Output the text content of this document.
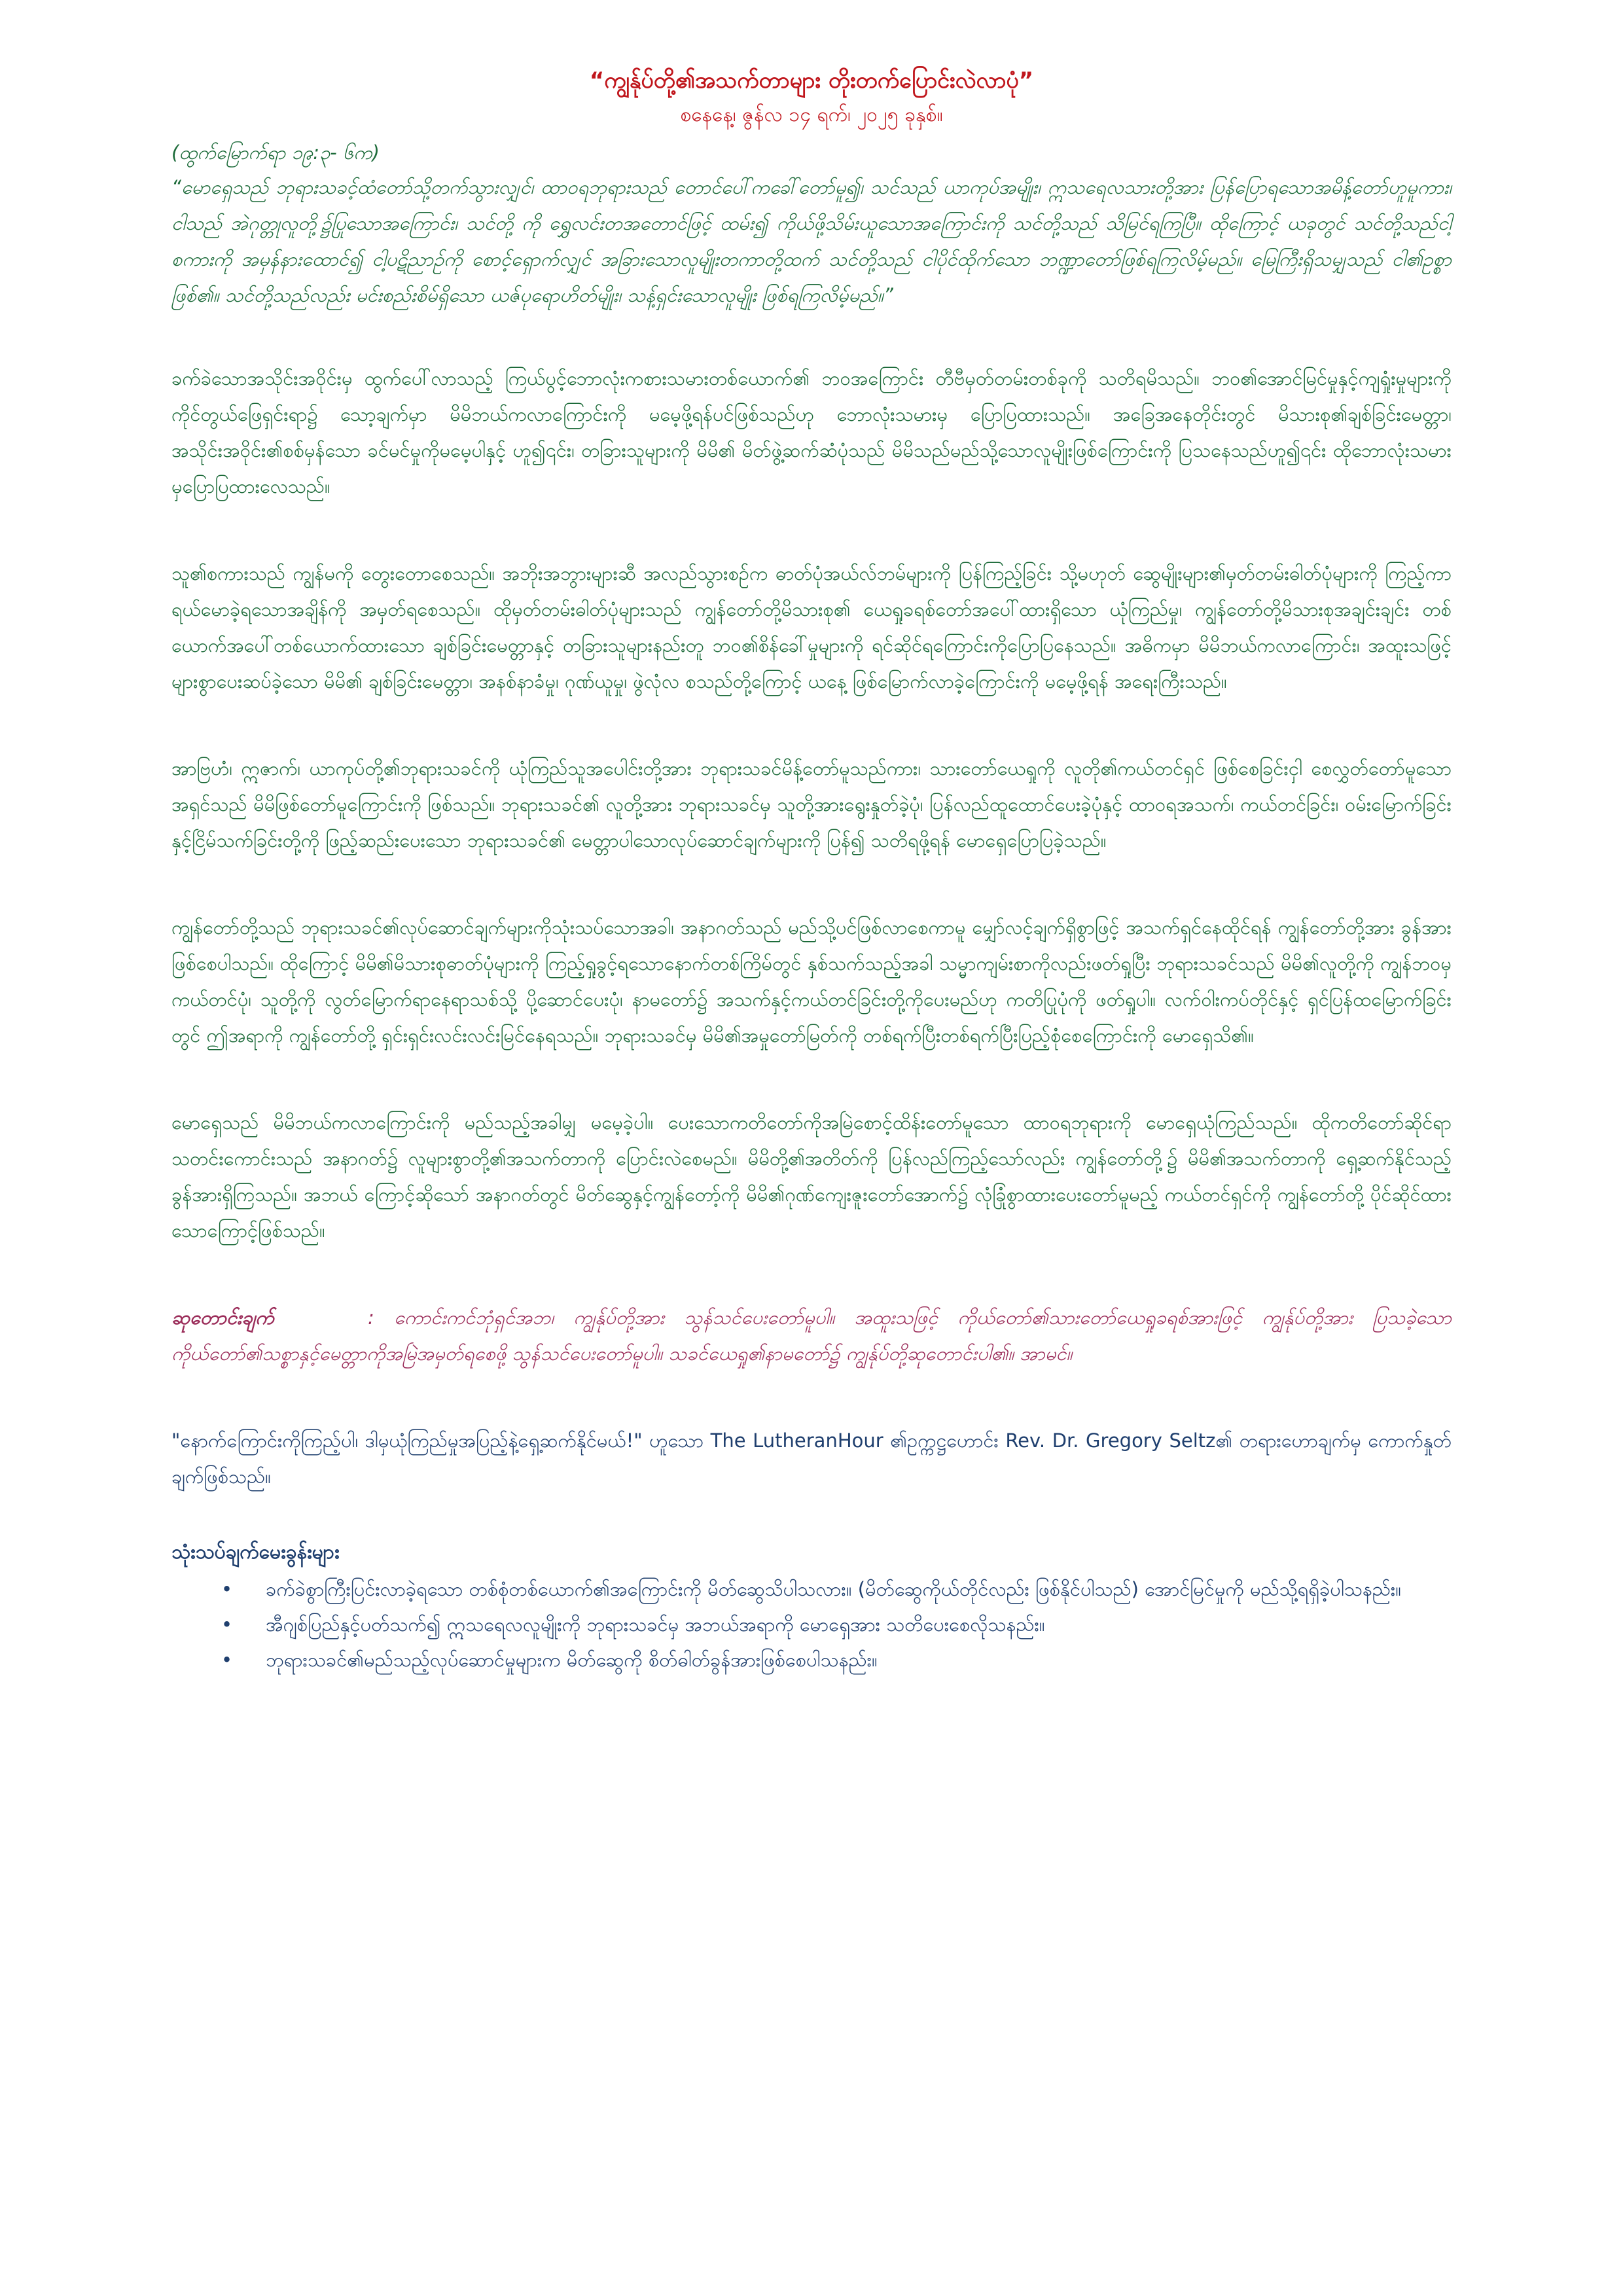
“ကျွန်ုပ်တို့၏အသက်တာများ တိုးတက်ပြောင်းလဲလာပုံ”

စနေနေ့၊ ဇွန်လ ၁၄ ရက်၊ ၂၀၂၅ ခုနှစ်။

(ထွက်မြောက်ရာ ၁၉:၃- ၆က)

“မောရှေသည် ဘုရားသခင့်ထံတော်သို့တက်သွားလျှင်၊ ထာဝရဘုရားသည် တောင်ပေါ်ကခေါ်တော်မူ၍၊ သင်သည် ယာကုပ်အမျိုး၊ ဣသရေလသားတို့အား ပြန်ပြောရသောအမိန့်တော်ဟူမူကား၊ ငါသည် အဲဂုတ္တုလူတို့၌ပြုသောအကြောင်း၊ သင်တို့ ကို ရွှေလင်းတအတောင်ဖြင့် ထမ်း၍ ကိုယ်ဖို့သိမ်းယူသောအကြောင်းကို သင်တို့သည် သိမြင်ရကြပြီ။ ထိုကြောင့် ယခုတွင် သင်တို့သည်ငါ့စကားကို အမှန်နားထောင်၍ ငါ့ပဋိညာဉ်ကို စောင့်ရှောက်လျှင် အခြားသောလူမျိုးတကာတို့ထက် သင်တို့သည် ငါပိုင်ထိုက်သော ဘဏ္ဍာတော်ဖြစ်ရကြလိမ့်မည်။ မြေကြီးရှိသမျှသည် ငါ၏ဥစ္စာဖြစ်၏။ သင်တို့သည်လည်း မင်းစည်းစိမ်ရှိသော ယဇ်ပုရောဟိတ်မျိုး၊ သန့်ရှင်းသောလူမျိုး ဖြစ်ရကြလိမ့်မည်။”

ခက်ခဲသောအသိုင်းအဝိုင်းမှ ထွက်ပေါ်လာသည့် ကြယ်ပွင့်ဘောလုံးကစားသမားတစ်ယောက်၏ ဘဝအကြောင်း တီဗီမှတ်တမ်းတစ်ခုကို သတိရမိသည်။ ဘဝ၏အောင်မြင်မှုနှင့်ကျရှုံးမှုများကို ကိုင်တွယ်ဖြေရှင်းရာ၌ သော့ချက်မှာ မိမိဘယ်ကလာကြောင်းကို မမေ့ဖို့ရန်ပင်ဖြစ်သည်ဟု ဘောလုံးသမားမှ ပြောပြထားသည်။ အခြေအနေတိုင်းတွင် မိသားစု၏ချစ်ခြင်းမေတ္တာ၊ အသိုင်းအဝိုင်း၏စစ်မှန်သော ခင်မင်မှုကိုမမေ့ပါနှင့် ဟူ၍၎င်း၊ တခြားသူများကို မိမိ၏ မိတ်ဖွဲ့ဆက်ဆံပုံသည် မိမိသည်မည်သို့သောလူမျိုးဖြစ်ကြောင်းကို ပြသနေသည်ဟူ၍၎င်း ထိုဘောလုံးသမားမှပြောပြထားလေသည်။

သူ၏စကားသည် ကျွန်မကို တွေးတောစေသည်။ အဘိုးအဘွားများဆီ အလည်သွားစဉ်က ဓာတ်ပုံအယ်လ်ဘမ်များကို ပြန်ကြည့်ခြင်း သို့မဟုတ် ဆွေမျိုးများ၏မှတ်တမ်းဓါတ်ပုံများကို ကြည့်ကာ ရယ်မောခဲ့ရသောအချိန်ကို အမှတ်ရစေသည်။ ထိုမှတ်တမ်းဓါတ်ပုံများသည် ကျွန်တော်တို့မိသားစု၏ ယေရှုခရစ်တော်အပေါ်ထားရှိသော ယုံကြည်မှု၊ ကျွန်တော်တို့မိသားစုအချင်းချင်း တစ်ယောက်အပေါ်တစ်ယောက်ထားသော ချစ်ခြင်းမေတ္တာနှင့် တခြားသူများနည်းတူ ဘဝ၏စိန်ခေါ်မှုများကို ရင်ဆိုင်ရကြောင်းကိုပြောပြနေသည်။ အဓိကမှာ မိမိဘယ်ကလာကြောင်း၊ အထူးသဖြင့် များစွာပေးဆပ်ခဲ့သော မိမိ၏ ချစ်ခြင်းမေတ္တာ၊ အနစ်နာခံမှု၊ ဂုဏ်ယူမှု၊ ဖွဲလုံလ စသည်တို့ကြောင့် ယနေ့ ဖြစ်မြောက်လာခဲ့ကြောင်းကို မမေ့ဖို့ရန် အရေးကြီးသည်။

အာဗြဟံ၊ ဣဇာက်၊ ယာကုပ်တို့၏ဘုရားသခင်ကို ယုံကြည်သူအပေါင်းတို့အား ဘုရားသခင်မိန့်တော်မူသည်ကား၊ သားတော်ယေရှုကို လူတို၏ကယ်တင်ရှင် ဖြစ်စေခြင်းငှါ စေလွှတ်တော်မူသောအရှင်သည် မိမိဖြစ်တော်မူကြောင်းကို ဖြစ်သည်။ ဘုရားသခင်၏ လူတို့အား ဘုရားသခင်မှ သူတို့အားရွေးနှုတ်ခဲ့ပုံ၊ ပြန်လည်ထူထောင်ပေးခဲ့ပုံနှင့် ထာဝရအသက်၊ ကယ်တင်ခြင်း၊ ဝမ်းမြောက်ခြင်းနှင့်ငြိမ်သက်ခြင်းတို့ကို ဖြည့်ဆည်းပေးသော ဘုရားသခင်၏ မေတ္တာပါသောလုပ်ဆောင်ချက်များကို ပြန်၍ သတိရဖို့ရန် မောရှေပြောပြခဲ့သည်။

ကျွန်တော်တို့သည် ဘုရားသခင်၏လုပ်ဆောင်ချက်များကိုသုံးသပ်သောအခါ၊ အနာဂတ်သည် မည်သို့ပင်ဖြစ်လာစေကာမူ မျှော်လင့်ချက်ရှိစွာဖြင့် အသက်ရှင်နေထိုင်ရန် ကျွန်တော်တို့အား ခွန်အားဖြစ်စေပါသည်။ ထိုကြောင့် မိမိ၏မိသားစုဓာတ်ပုံများကို ကြည့်ရှုခွင့်ရသောနောက်တစ်ကြိမ်တွင် နှစ်သက်သည့်အခါ သမ္မာကျမ်းစာကိုလည်းဖတ်ရှုပြီး ဘုရားသခင်သည် မိမိ၏လူတို့ကို ကျွန်ဘဝမှကယ်တင်ပုံ၊ သူတို့ကို လွတ်မြောက်ရာနေရာသစ်သို့ ပို့ဆောင်ပေးပုံ၊ နာမတော်၌ အသက်နှင့်ကယ်တင်ခြင်းတို့ကိုပေးမည်ဟု ကတိပြုပုံကို ဖတ်ရှုပါ။ လက်ဝါးကပ်တိုင်နှင့် ရှင်ပြန်ထမြောက်ခြင်းတွင် ဤအရာကို ကျွန်တော်တို့ ရှင်းရှင်းလင်းလင်းမြင်နေရသည်။ ဘုရားသခင်မှ မိမိ၏အမှုတော်မြတ်ကို တစ်ရက်ပြီးတစ်ရက်ပြီးပြည့်စုံစေကြောင်းကို မောရှေသိ၏။

မောရှေသည် မိမိဘယ်ကလာကြောင်းကို မည်သည့်အခါမျှ မမေ့ခဲ့ပါ။ ပေးသောကတိတော်ကိုအမြဲစောင့်ထိန်းတော်မူသော ထာဝရဘုရားကို မောရှေယုံကြည်သည်။ ထိုကတိတော်ဆိုင်ရာ သတင်းကောင်းသည် အနာဂတ်၌ လူများစွာတို့၏အသက်တာကို ပြောင်းလဲစေမည်။ မိမိတို့၏အတိတ်ကို ပြန်လည်ကြည့်သော်လည်း ကျွန်တော်တို့၌ မိမိ၏အသက်တာကို ရှေ့ဆက်နိုင်သည့်ခွန်အားရှိကြသည်။ အဘယ် ကြောင့်ဆိုသော် အနာဂတ်တွင် မိတ်ဆွေနှင့်ကျွန်တော့်ကို မိမိ၏ဂုဏ်ကျေးဇူးတော်အောက်၌ လုံခြုံစွာထားပေးတော်မူမည့် ကယ်တင်ရှင်ကို ကျွန်တော်တို့ ပိုင်ဆိုင်ထားသောကြောင့်ဖြစ်သည်။

ဆုတောင်းချက်	: ကောင်းကင်ဘုံရှင်အဘ၊ ကျွန်ုပ်တို့အား သွန်သင်ပေးတော်မူပါ။ အထူးသဖြင့် ကိုယ်တော်၏သားတော်ယေရှုခရစ်အားဖြင့် ကျွန်ုပ်တို့အား ပြသခဲ့သော ကိုယ်တော်၏သစ္စာနှင့်မေတ္တာကိုအမြဲအမှတ်ရစေဖို့ သွန်သင်ပေးတော်မူပါ။ သခင်ယေရှု၏နာမတော်၌ ကျွန်ုပ်တို့ဆုတောင်းပါ၏။ အာမင်။

"နောက်ကြောင်းကိုကြည့်ပါ၊ ဒါမှယုံကြည်မှုအပြည့်နဲ့ရှေ့ဆက်နိုင်မယ်!" ဟူသော The LutheranHour ၏ဥက္ကဋ္ဌဟောင်း Rev. Dr. Gregory Seltz၏ တရားဟောချက်မှ ကောက်နှုတ်ချက်ဖြစ်သည်။

သုံးသပ်ချက်မေးခွန်းများ

• ခက်ခဲစွာကြီးပြင်းလာခဲ့ရသော တစ်စုံတစ်ယောက်၏အကြောင်းကို မိတ်ဆွေသိပါသလား။ (မိတ်ဆွေကိုယ်တိုင်လည်း ဖြစ်နိုင်ပါသည်) အောင်မြင်မှုကို မည်သို့ရရှိခဲ့ပါသနည်း။
• အီဂျစ်ပြည်နှင့်ပတ်သက်၍ ဣသရေလလူမျိုးကို ဘုရားသခင်မှ အဘယ်အရာကို မောရှေအား သတိပေးစေလိုသနည်း။
• ဘုရားသခင်၏မည်သည့်လုပ်ဆောင်မှုများက မိတ်ဆွေကို စိတ်ဓါတ်ခွန်အားဖြစ်စေပါသနည်း။
